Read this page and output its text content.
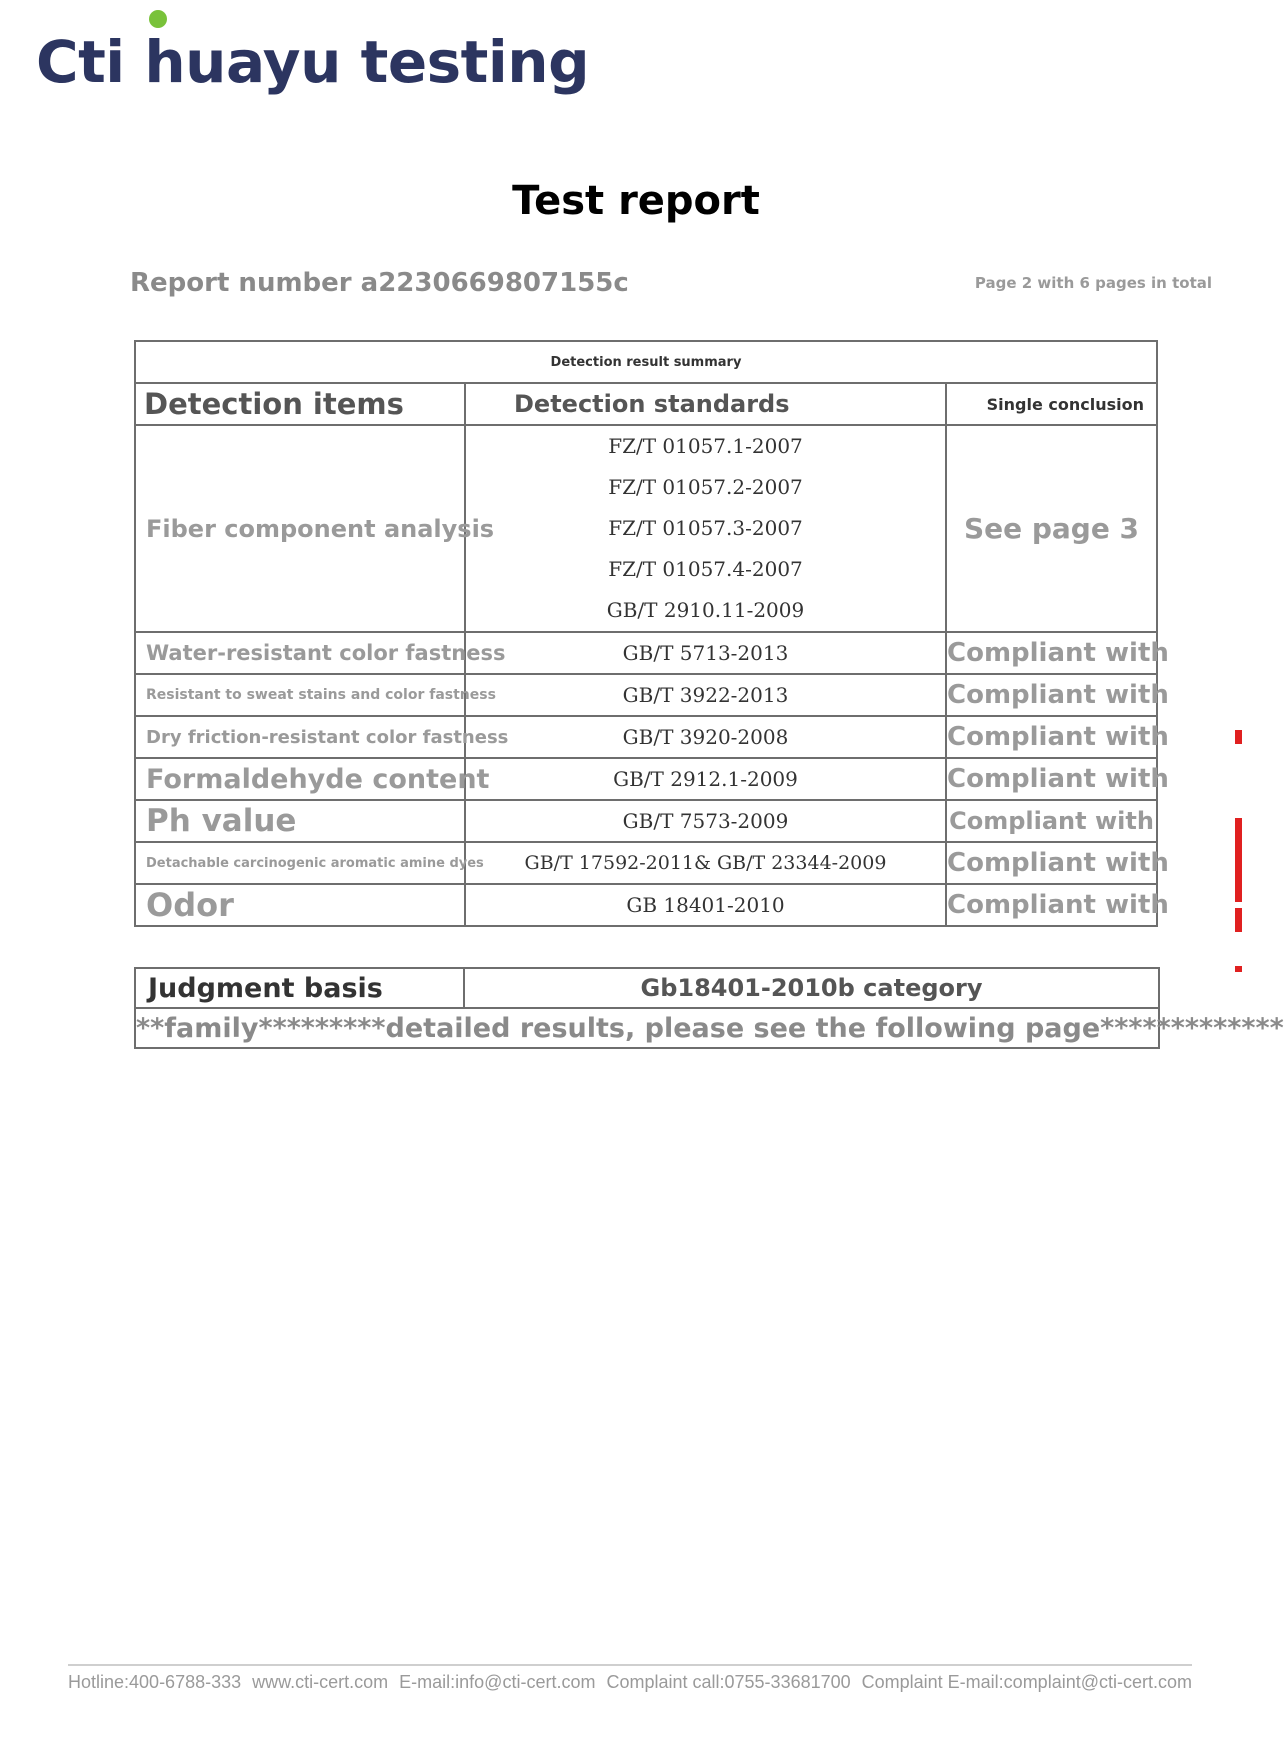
Cti huayu testing
Test report
Report number a2230669807155c	Page 2 with 6 pages in total
Detection result summary		
Detection items	Detection standards	Single conclusion
Fiber component analysis	FZ/T 01057.1-2007
FZ/T 01057.2-2007
FZ/T 01057.3-2007
FZ/T 01057.4-2007
GB/T 2910.11-2009	See page 3
Water-resistant color fastness	GB/T 5713-2013	Compliant with
Resistant to sweat stains and color fastness	GB/T 3922-2013	Compliant with
Dry friction-resistant color fastness	GB/T 3920-2008	Compliant with
Formaldehyde content	GB/T 2912.1-2009	Compliant with
Ph value	GB/T 7573-2009	Compliant with
Detachable carcinogenic aromatic amine dyes	GB/T 17592-2011& GB/T 23344-2009	Compliant with
Odor	GB 18401-2010	Compliant with
Judgment basis	Gb18401-2010b category
**family*********detailed results, please see the following page*************
Hotline:400-6788-333 www.cti-cert.com E-mail:info@cti-cert.com Complaint call:0755-33681700 Complaint E-mail:complaint@cti-cert.com
